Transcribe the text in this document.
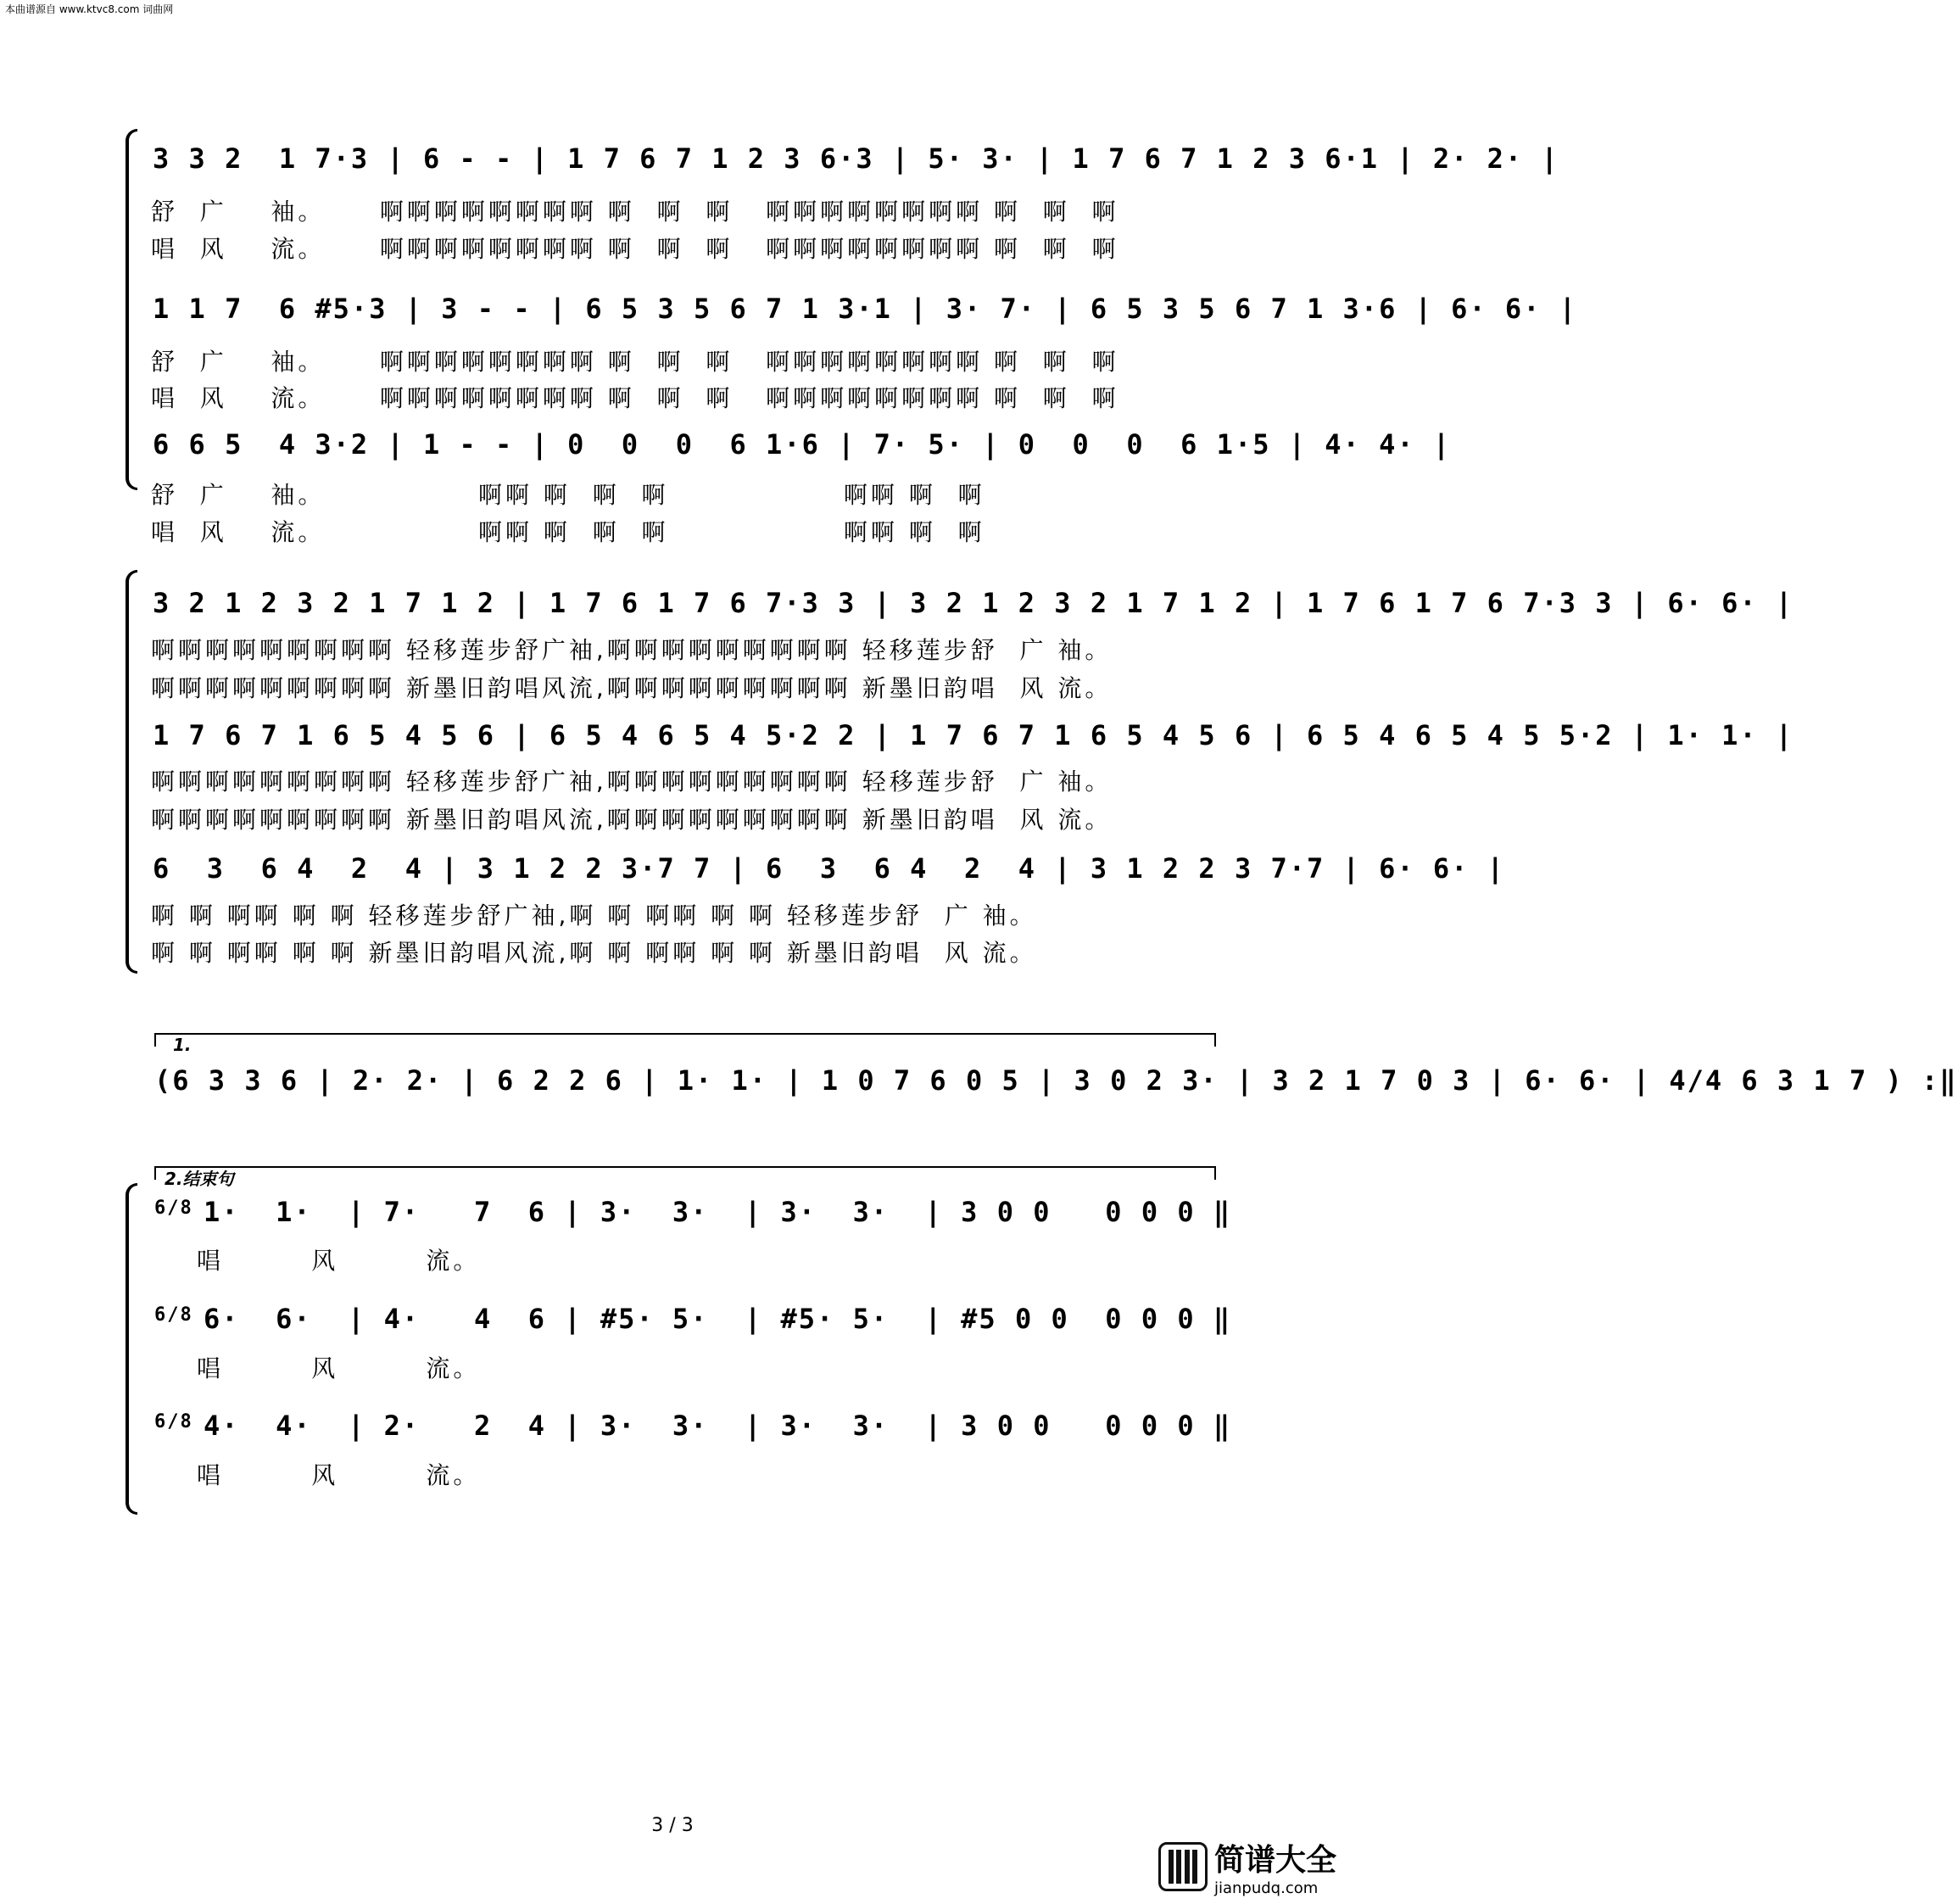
本曲谱源自 www.ktvc8.com 词曲网
3 3 2  1 7·3 | 6 - - | 1 7 6 7 1 2 3 6·3 | 5· 3· | 1 7 6 7 1 2 3 6·1 | 2· 2· |
舒  广    袖。     啊啊啊啊啊啊啊啊 啊  啊  啊   啊啊啊啊啊啊啊啊 啊  啊  啊
唱  风    流。     啊啊啊啊啊啊啊啊 啊  啊  啊   啊啊啊啊啊啊啊啊 啊  啊  啊
1 1 7  6 #5·3 | 3 - - | 6 5 3 5 6 7 1 3·1 | 3· 7· | 6 5 3 5 6 7 1 3·6 | 6· 6· |
舒  广    袖。     啊啊啊啊啊啊啊啊 啊  啊  啊   啊啊啊啊啊啊啊啊 啊  啊  啊
唱  风    流。     啊啊啊啊啊啊啊啊 啊  啊  啊   啊啊啊啊啊啊啊啊 啊  啊  啊
6 6 5  4 3·2 | 1 - - | 0  0  0  6 1·6 | 7· 5· | 0  0  0  6 1·5 | 4· 4· |
舒  广    袖。              啊啊 啊  啊  啊                啊啊 啊  啊
唱  风    流。              啊啊 啊  啊  啊                啊啊 啊  啊
3 2 1 2 3 2 1 7 1 2 | 1 7 6 1 7 6 7·3 3 | 3 2 1 2 3 2 1 7 1 2 | 1 7 6 1 7 6 7·3 3 | 6· 6· |
啊啊啊啊啊啊啊啊啊 轻移莲步舒广袖,啊啊啊啊啊啊啊啊啊 轻移莲步舒  广 袖。
啊啊啊啊啊啊啊啊啊 新墨旧韵唱风流,啊啊啊啊啊啊啊啊啊 新墨旧韵唱  风 流。
1 7 6 7 1 6 5 4 5 6 | 6 5 4 6 5 4 5·2 2 | 1 7 6 7 1 6 5 4 5 6 | 6 5 4 6 5 4 5 5·2 | 1· 1· |
啊啊啊啊啊啊啊啊啊 轻移莲步舒广袖,啊啊啊啊啊啊啊啊啊 轻移莲步舒  广 袖。
啊啊啊啊啊啊啊啊啊 新墨旧韵唱风流,啊啊啊啊啊啊啊啊啊 新墨旧韵唱  风 流。
6  3  6 4  2  4 | 3 1 2 2 3·7 7 | 6  3  6 4  2  4 | 3 1 2 2 3 7·7 | 6· 6· |
啊 啊 啊啊 啊 啊 轻移莲步舒广袖,啊 啊 啊啊 啊 啊 轻移莲步舒  广 袖。
啊 啊 啊啊 啊 啊 新墨旧韵唱风流,啊 啊 啊啊 啊 啊 新墨旧韵唱  风 流。
1.
(6 3 3 6 | 2· 2· | 6 2 2 6 | 1· 1· | 1 0 7 6 0 5 | 3 0 2 3· | 3 2 1 7 0 3 | 6· 6· | 4/4 6 3 1 7 ) :‖
2.结束句
6/8 1·  1·  | 7·   7  6 | 3·  3·  | 3·  3·  | 3 0 0   0 0 0 ‖
唱        风        流。
6/8 6·  6·  | 4·   4  6 | #5· 5·  | #5· 5·  | #5 0 0  0 0 0 ‖
唱        风        流。
6/8 4·  4·  | 2·   2  4 | 3·  3·  | 3·  3·  | 3 0 0   0 0 0 ‖
唱        风        流。
3 / 3
简谱大全
jianpudq.com
